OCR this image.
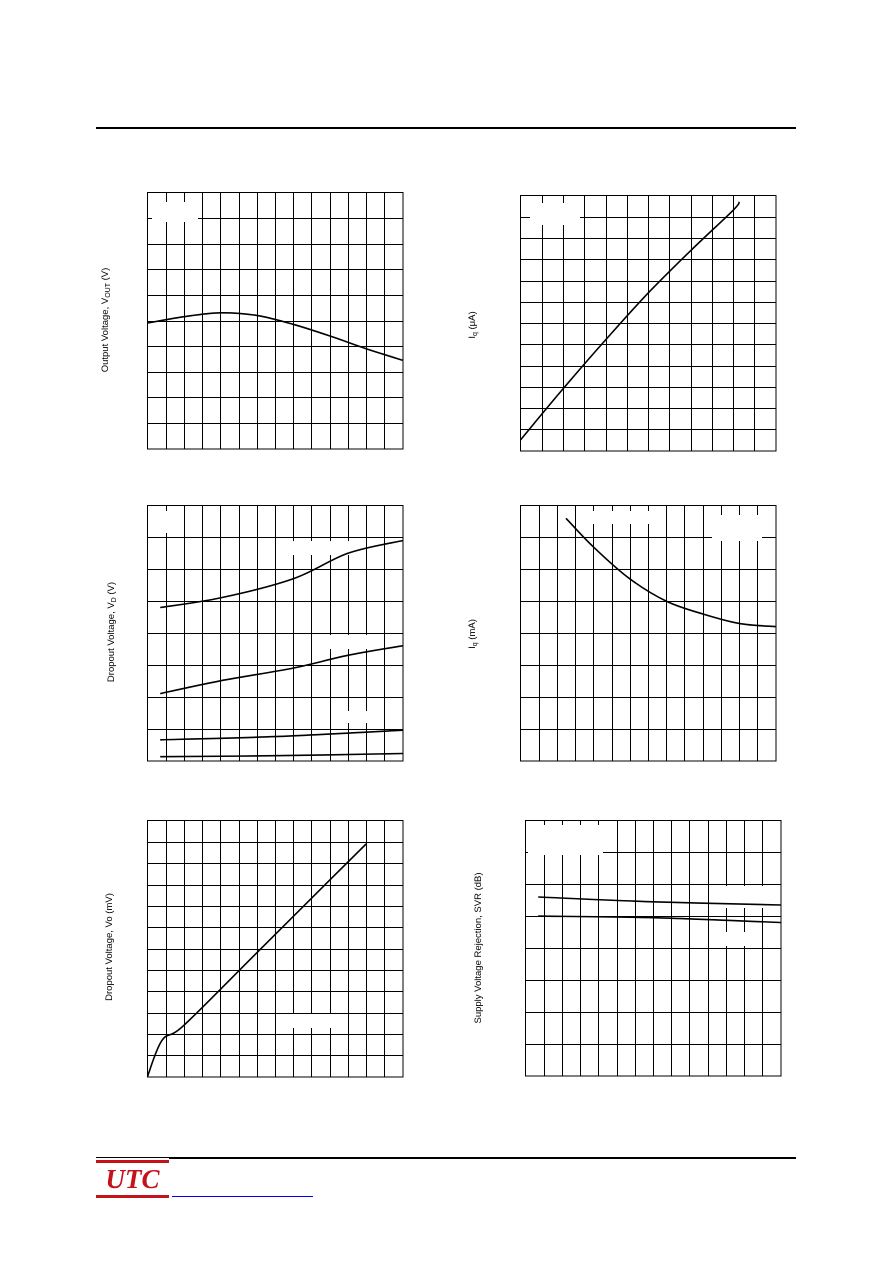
Output Voltage, $V_{OUT}$ (V)
$I_q$ (μA)
Dropout Voltage, $V_D$ (V)
$I_q$ (mA)
Dropout Voltage, Vo (mV)	Supply Voltage Rejection, SVR (dB)
UTC
